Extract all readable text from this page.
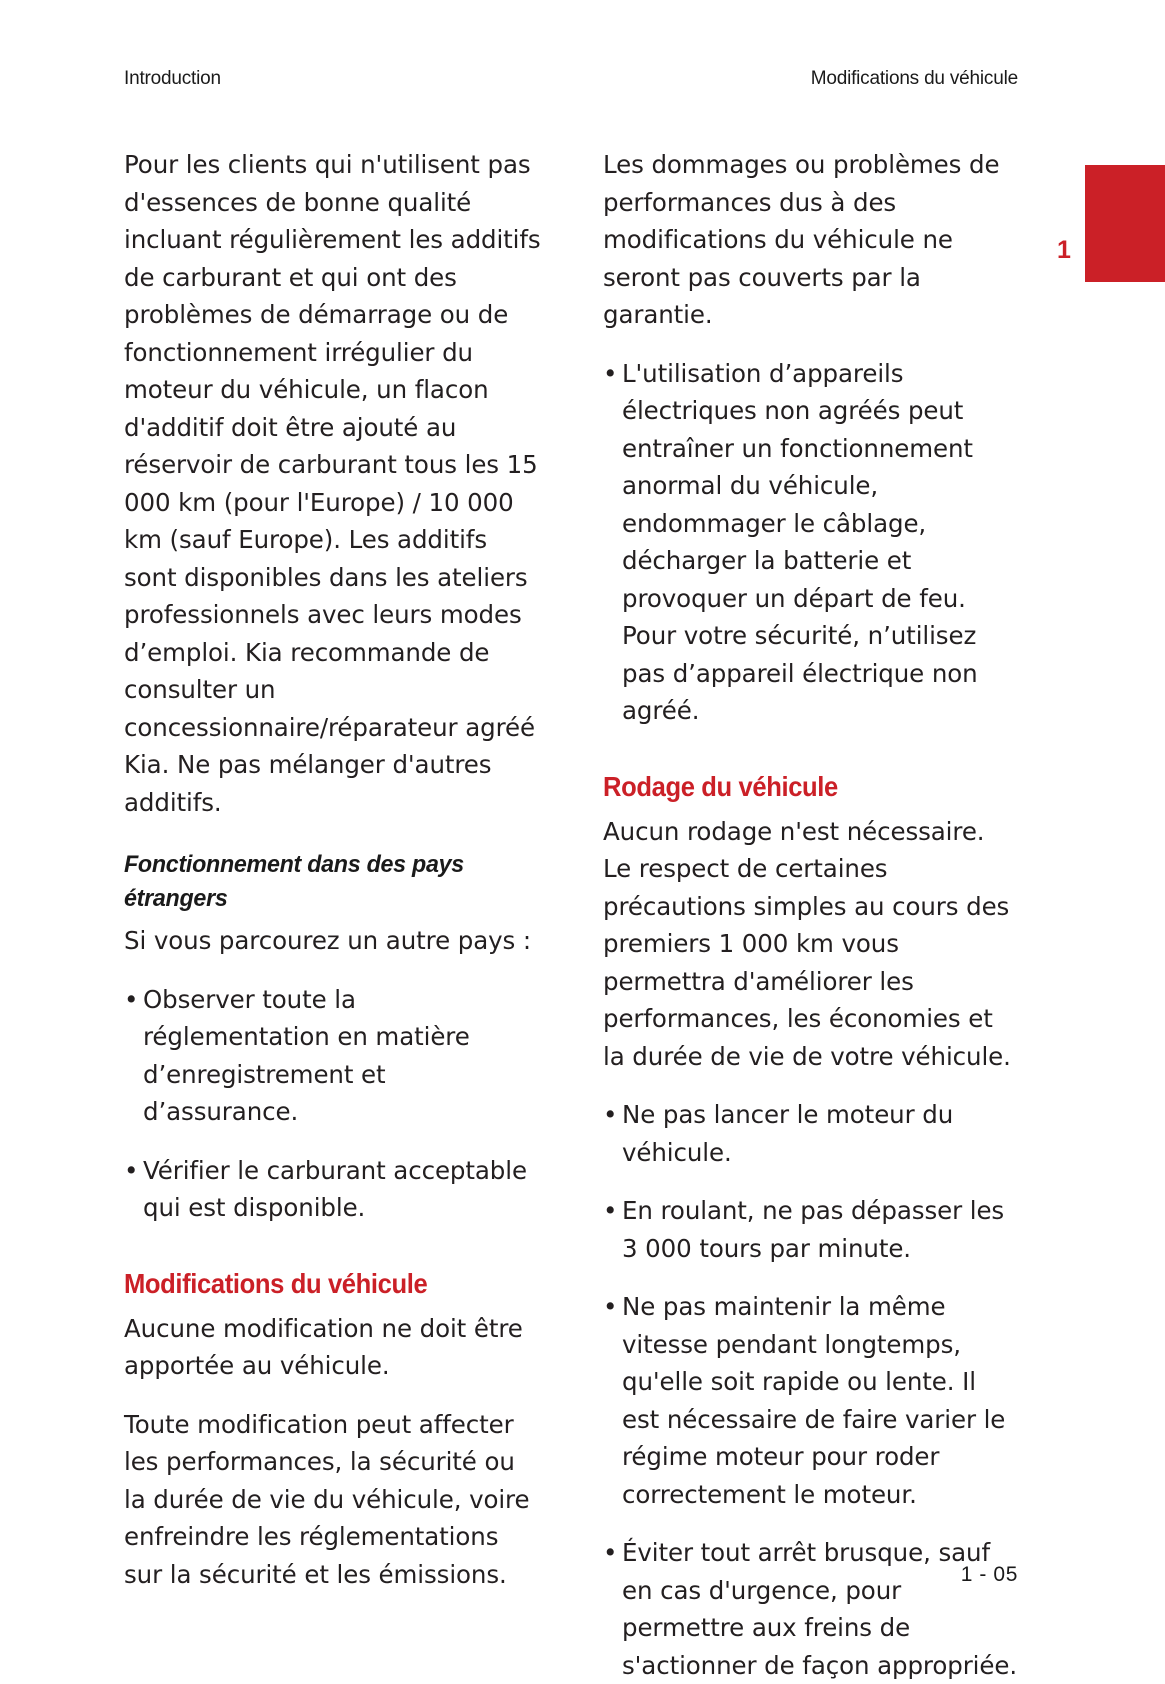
Introduction	Modifications du véhicule
1

Pour les clients qui n'utilisent pas d'essences de bonne qualité incluant régulièrement les additifs de carburant et qui ont des problèmes de démarrage ou de fonctionnement irrégulier du moteur du véhicule, un flacon d'additif doit être ajouté au réservoir de carburant tous les 15 000 km (pour l'Europe) / 10 000 km (sauf Europe). Les additifs sont disponibles dans les ateliers professionnels avec leurs modes d’emploi. Kia recommande de consulter un concessionnaire/réparateur agréé Kia. Ne pas mélanger d'autres additifs.

Fonctionnement dans des pays étrangers

Si vous parcourez un autre pays :

• Observer toute la réglementation en matière d’enregistrement et d’assurance.
• Vérifier le carburant acceptable qui est disponible.
Modifications du véhicule

Aucune modification ne doit être apportée au véhicule.

Toute modification peut affecter les performances, la sécurité ou la durée de vie du véhicule, voire enfreindre les réglementations sur la sécurité et les émissions.

Les dommages ou problèmes de performances dus à des modifications du véhicule ne seront pas couverts par la garantie.

• L'utilisation d’appareils électriques non agréés peut entraîner un fonctionnement anormal du véhicule, endommager le câblage, décharger la batterie et provoquer un départ de feu. Pour votre sécurité, n’utilisez pas d’appareil électrique non agréé.
Rodage du véhicule

Aucun rodage n'est nécessaire. Le respect de certaines précautions simples au cours des premiers 1 000 km vous permettra d'améliorer les performances, les économies et la durée de vie de votre véhicule.

• Ne pas lancer le moteur du véhicule.
• En roulant, ne pas dépasser les 3 000 tours par minute.
• Ne pas maintenir la même vitesse pendant longtemps, qu'elle soit rapide ou lente. Il est nécessaire de faire varier le régime moteur pour roder correctement le moteur.
• Éviter tout arrêt brusque, sauf en cas d'urgence, pour permettre aux freins de s'actionner de façon appropriée.
1 - 05
